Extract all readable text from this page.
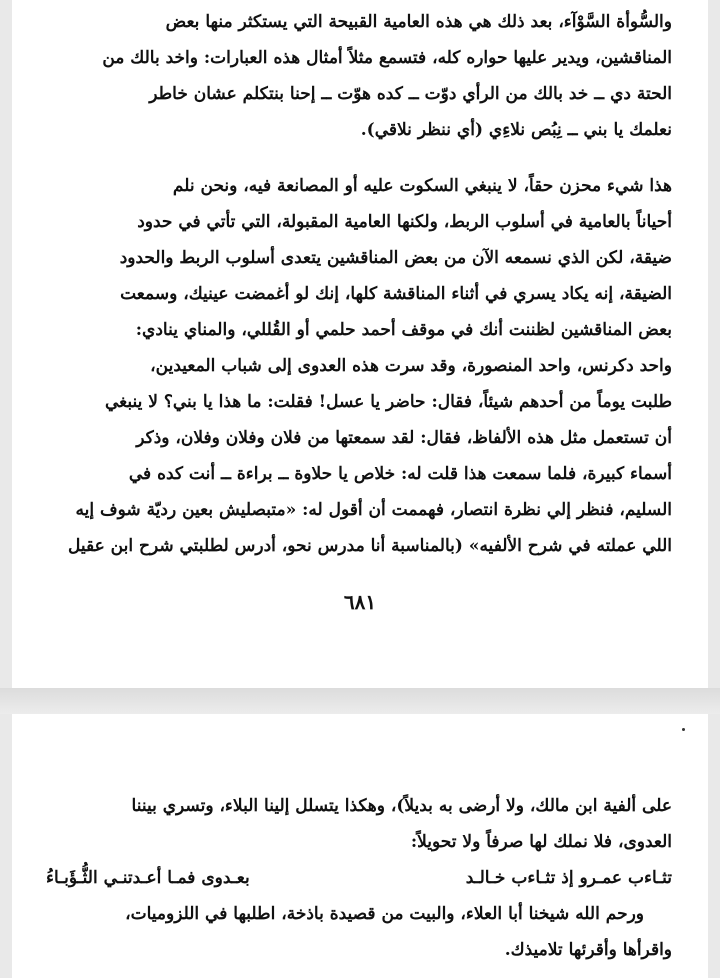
والسُّوأة السَّوْآء، بعد ذلك هي هذه العامية القبيحة التي يستكثر منها بعض
المناقشين، ويدير عليها حواره كله، فتسمع مثلاً أمثال هذه العبارات: واخد بالك من
الحتة دي ــ خد بالك من الرأي دوّت ــ كده هوّت ــ إحنا بنتكلم عشان خاطر
نعلمك يا بني ــ نِبُص نلاءِي (أي ننظر نلاقي).
هذا شيء محزن حقاً، لا ينبغي السكوت عليه أو المصانعة فيه، ونحن نلم
أحياناً بالعامية في أسلوب الربط، ولكنها العامية المقبولة، التي تأتي في حدود
ضيقة، لكن الذي نسمعه الآن من بعض المناقشين يتعدى أسلوب الربط والحدود
الضيقة، إنه يكاد يسري في أثناء المناقشة كلها، إنك لو أغمضت عينيك، وسمعت
بعض المناقشين لظننت أنك في موقف أحمد حلمي أو القُللي، والمناي ينادي:
واحد دكرنس، واحد المنصورة، وقد سرت هذه العدوى إلى شباب المعيدين،
طلبت يوماً من أحدهم شيئاً، فقال: حاضر يا عسل! فقلت: ما هذا يا بني؟ لا ينبغي
أن تستعمل مثل هذه الألفاظ، فقال: لقد سمعتها من فلان وفلان وفلان، وذكر
أسماء كبيرة، فلما سمعت هذا قلت له: خلاص يا حلاوة ــ براءة ــ أنت كده في
السليم، فنظر إلي نظرة انتصار، فهممت أن أقول له: «متبصليش بعين رديّة شوف إيه
اللي عملته في شرح الألفيه» (بالمناسبة أنا مدرس نحو، أدرس لطلبتي شرح ابن عقيل
٦٨١
على ألفية ابن مالك، ولا أرضى به بديلاً)، وهكذا يتسلل إلينا البلاء، وتسري بيننا
العدوى، فلا نملك لها صرفاً ولا تحويلاً:
تثـاءب عمـرو إذ تثـاءب خـالـد
بعـدوى فمـا أعـدتنـي الثُّـؤَبـاءُ
ورحم الله شيخنا أبا العلاء، والبيت من قصيدة باذخة، اطلبها في اللزوميات،
واقرأها وأقرئها تلاميذك.
